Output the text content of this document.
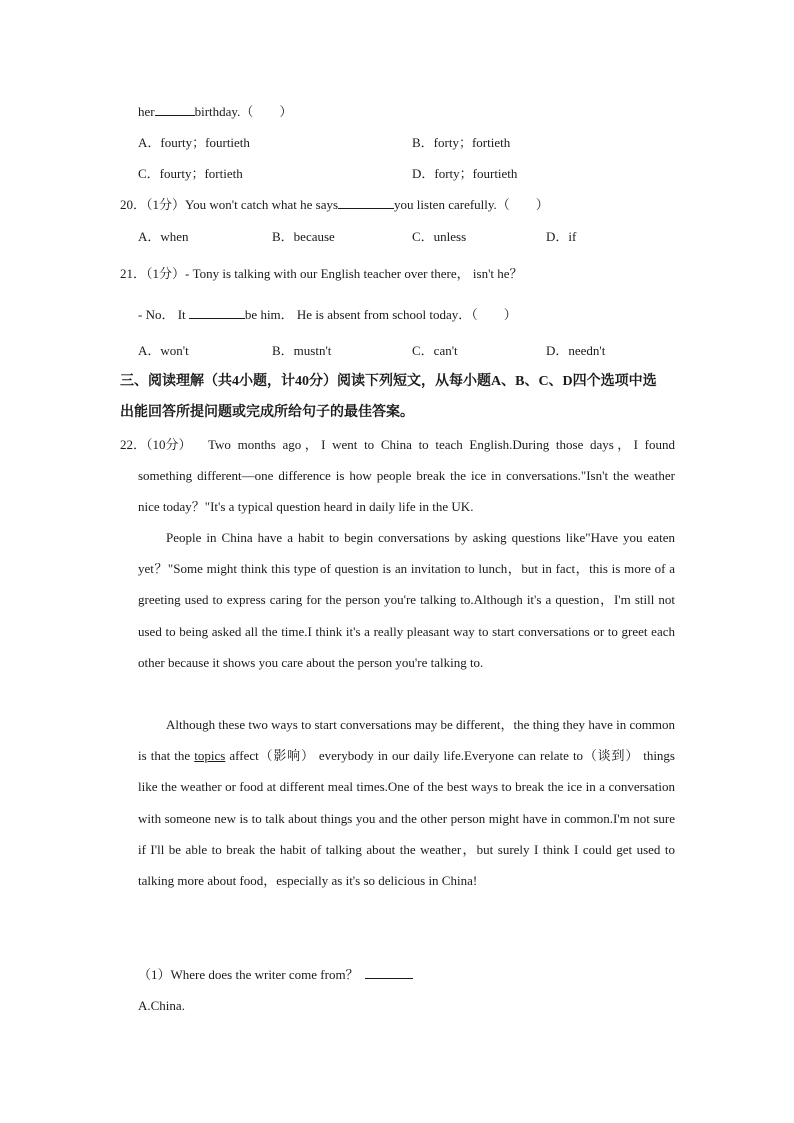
her	birthday.（　　）
A．fourty；fourtieth	B．forty；fortieth
C．fourty；fortieth	D．forty；fourtieth
20．（1分）You won't catch what he says	you listen carefully.（　　）
A．when	B．because	C．unless	D．if
21．（1分）- Tony is talking with our English teacher over there， isn't he？
- No． It	be him． He is absent from school today．（　　）
A．won't	B．mustn't	C．can't	D．needn't
三、阅读理解（共4小题，计40分）阅读下列短文，从每小题A、B、C、D四个选项中选
出能回答所提问题或完成所给句子的最佳答案。
22．（10分）	Two months ago，I went to China to teach English.During those days，I found something different—one difference is how people break the ice in conversations."Isn't the weather nice today？"It's a typical question heard in daily life in the UK.
People in China have a habit to begin conversations by asking questions like"Have you eaten yet？"Some might think this type of question is an invitation to lunch，but in fact，this is more of a greeting used to express caring for the person you're talking to.Although it's a question，I'm still not used to being asked all the time.I think it's a really pleasant way to start conversations or to greet each other because it shows you care about the person you're talking to.
Although these two ways to start conversations may be different，the thing they have in common is that the topics affect（影响） everybody in our daily life.Everyone can relate to（谈到） things like the weather or food at different meal times.One of the best ways to break the ice in a conversation with someone new is to talk about things you and the other person might have in common.I'm not sure if I'll be able to break the habit of talking about the weather，but surely I think I could get used to talking more about food，especially as it's so delicious in China!
（1）Where does the writer come from？
A.China.
